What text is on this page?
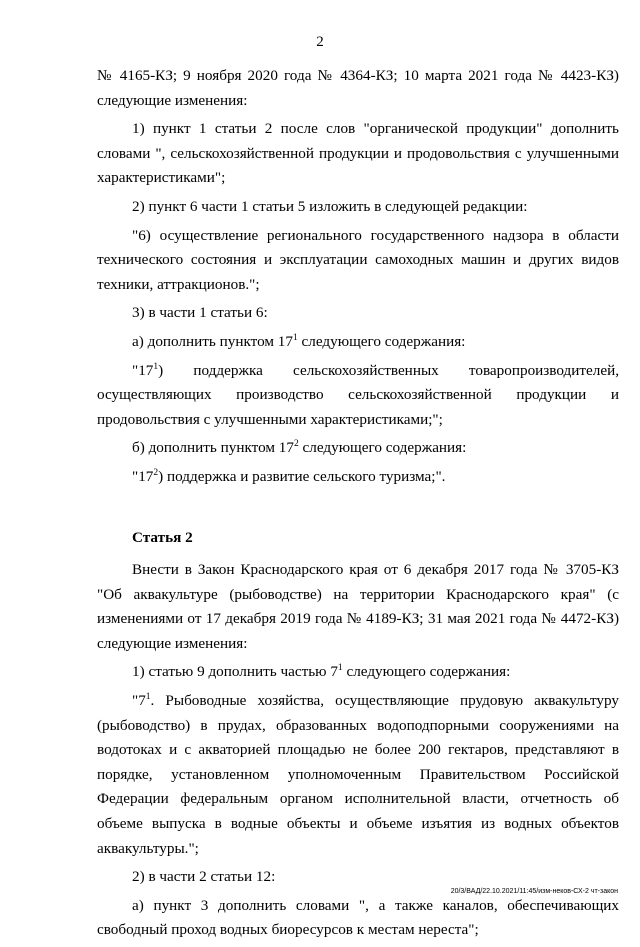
2

№ 4165-КЗ; 9 ноября 2020 года № 4364-КЗ; 10 марта 2021 года № 4423-КЗ) следующие изменения:

1) пункт 1 статьи 2 после слов "органической продукции" дополнить словами ", сельскохозяйственной продукции и продовольствия с улучшенными характеристиками";

2) пункт 6 части 1 статьи 5 изложить в следующей редакции:

"6) осуществление регионального государственного надзора в области технического состояния и эксплуатации самоходных машин и других видов техники, аттракционов.";

3) в части 1 статьи 6:

а) дополнить пунктом $17^1$ следующего содержания:

"$17^1$) поддержка сельскохозяйственных товаропроизводителей, осуществляющих производство сельскохозяйственной продукции и продовольствия с улучшенными характеристиками;";

б) дополнить пунктом $17^2$ следующего содержания:

"$17^2$) поддержка и развитие сельского туризма;".

Статья 2

Внести в Закон Краснодарского края от 6 декабря 2017 года № 3705-КЗ "Об аквакультуре (рыбоводстве) на территории Краснодарского края" (с изменениями от 17 декабря 2019 года № 4189-КЗ; 31 мая 2021 года № 4472-КЗ) следующие изменения:

1) статью 9 дополнить частью $7^1$ следующего содержания:

"$7^1$. Рыбоводные хозяйства, осуществляющие прудовую аквакультуру (рыбоводство) в прудах, образованных водоподпорными сооружениями на водотоках и с акваторией площадью не более 200 гектаров, представляют в порядке, установленном уполномоченным Правительством Российской Федерации федеральным органом исполнительной власти, отчетность об объеме выпуска в водные объекты и объеме изъятия из водных объектов аквакультуры.";

2) в части 2 статьи 12:

а) пункт 3 дополнить словами ", а также каналов, обеспечивающих свободный проход водных биоресурсов к местам нереста";

20/3/ВАД/22.10.2021/11:45/изм-неков-СХ-2 чт-закон
